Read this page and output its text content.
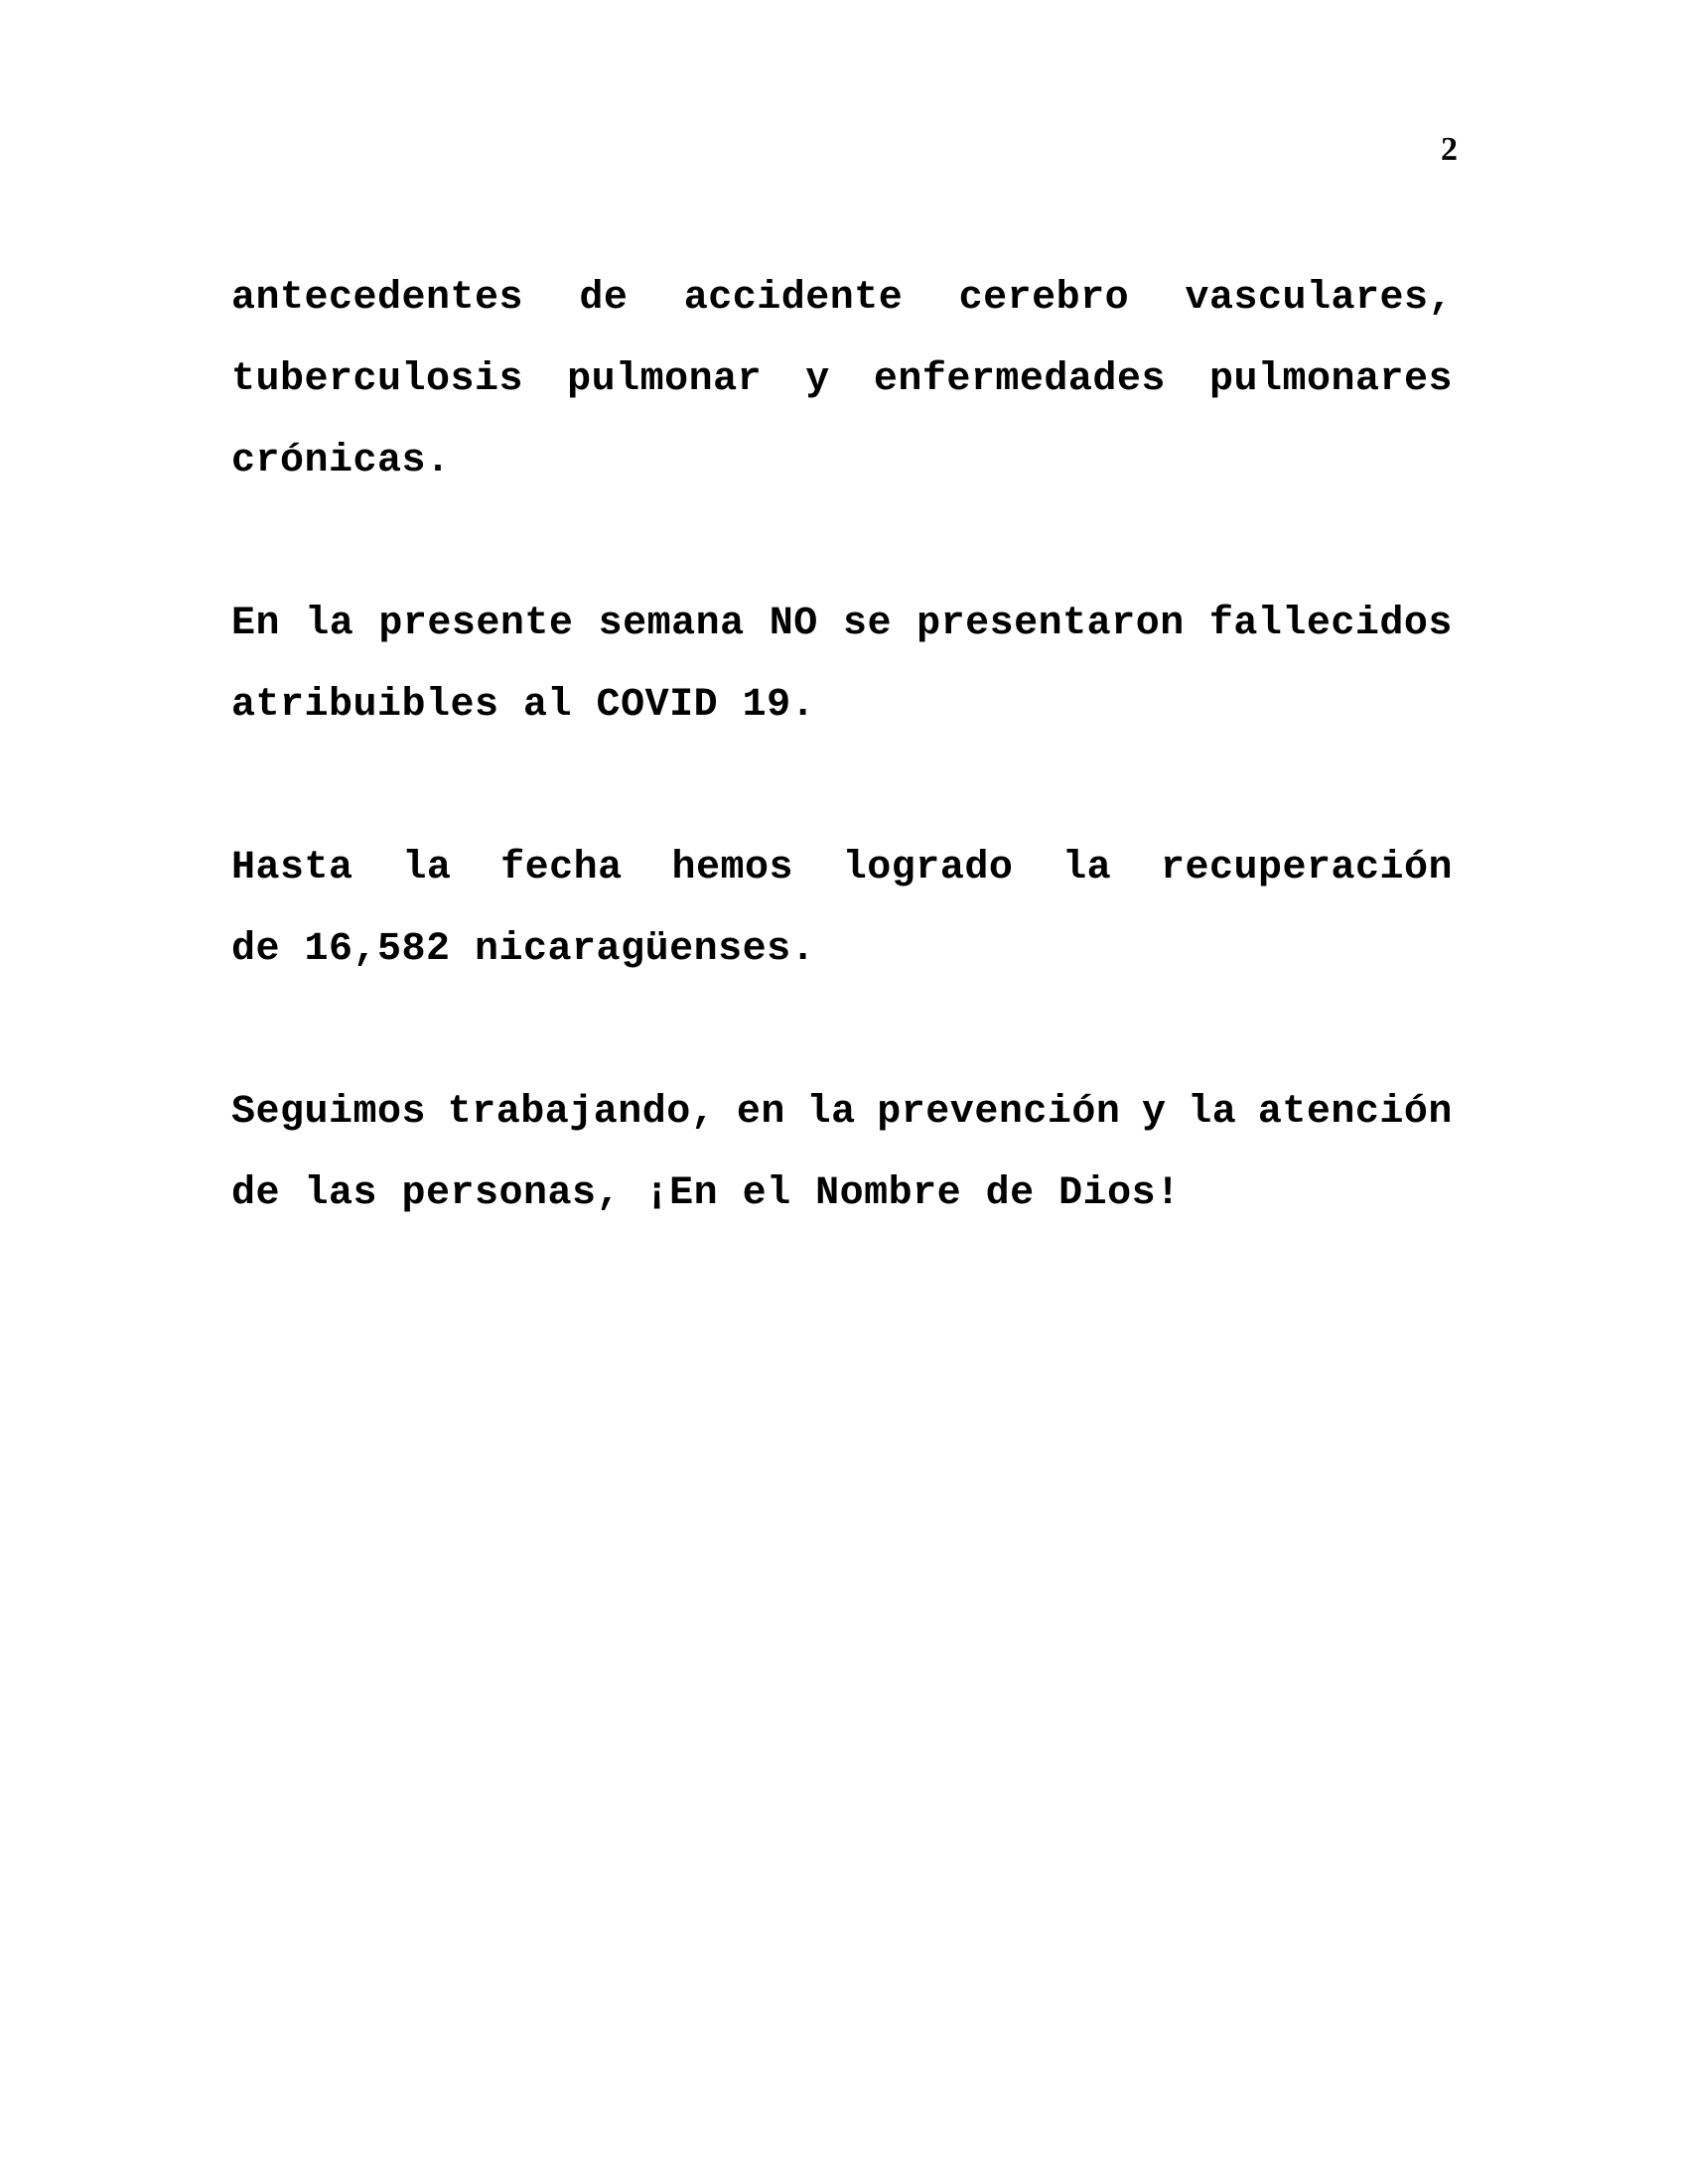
2
antecedentes de accidente cerebro vasculares,
tuberculosis pulmonar y enfermedades pulmonares
crónicas.
En la presente semana NO se presentaron fallecidos
atribuibles al COVID 19.
Hasta la fecha hemos logrado la recuperación
de 16,582 nicaragüenses.
Seguimos trabajando, en la prevención y la atención
de las personas, ¡En el Nombre de Dios!
